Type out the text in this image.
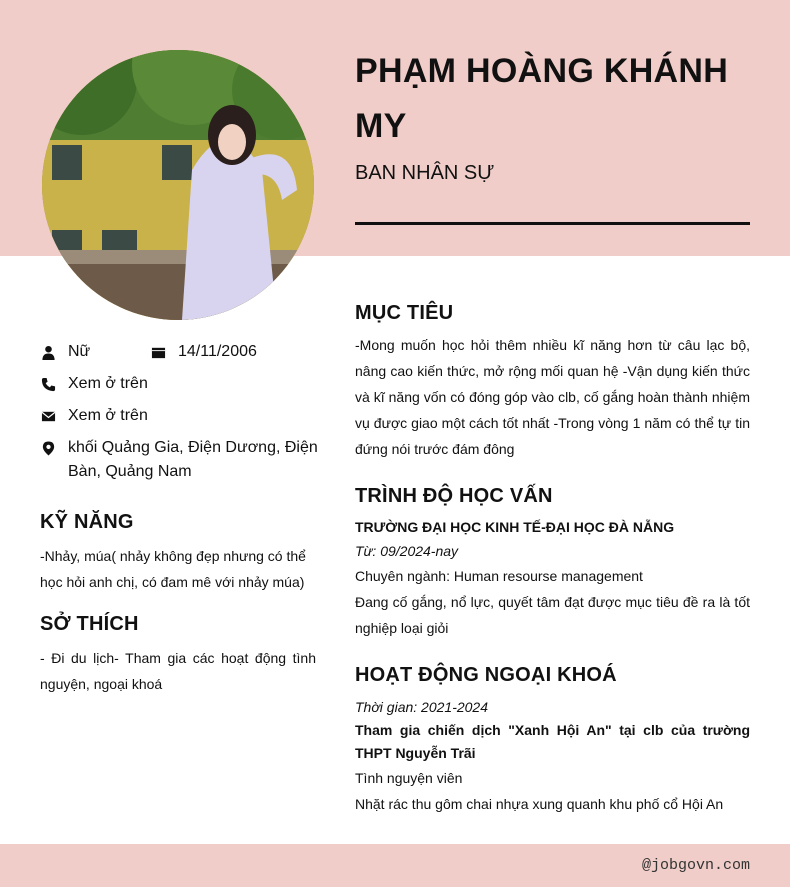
PHẠM HOÀNG KHÁNH MY
BAN NHÂN SỰ
Nữ	14/11/2006
Xem ở trên
Xem ở trên
khối Quảng Gia, Điện Dương, Điện Bàn, Quảng Nam
KỸ NĂNG
-Nhảy, múa( nhảy không đẹp nhưng có thể học hỏi anh chị, có đam mê với nhảy múa)
SỞ THÍCH
- Đi du lịch- Tham gia các hoạt động tình nguyện, ngoại khoá
MỤC TIÊU
-Mong muốn học hỏi thêm nhiều kĩ năng hơn từ câu lạc bộ, nâng cao kiến thức, mở rộng mối quan hệ -Vận dụng kiến thức và kĩ năng vốn có đóng góp vào clb, cố gắng hoàn thành nhiệm vụ được giao một cách tốt nhất -Trong vòng 1 năm có thể tự tin đứng nói trước đám đông
TRÌNH ĐỘ HỌC VẤN
TRƯỜNG ĐẠI HỌC KINH TẾ-ĐẠI HỌC ĐÀ NẴNG
Từ: 09/2024-nay
Chuyên ngành: Human resourse management
Đang cố gắng, nổ lực, quyết tâm đạt được mục tiêu đề ra là tốt nghiệp loại giỏi
HOẠT ĐỘNG NGOẠI KHOÁ
Thời gian: 2021-2024
Tham gia chiến dịch "Xanh Hội An" tại clb của trường THPT Nguyễn Trãi
Tình nguyện viên
Nhặt rác thu gôm chai nhựa xung quanh khu phố cổ Hội An
@jobgovn.com
